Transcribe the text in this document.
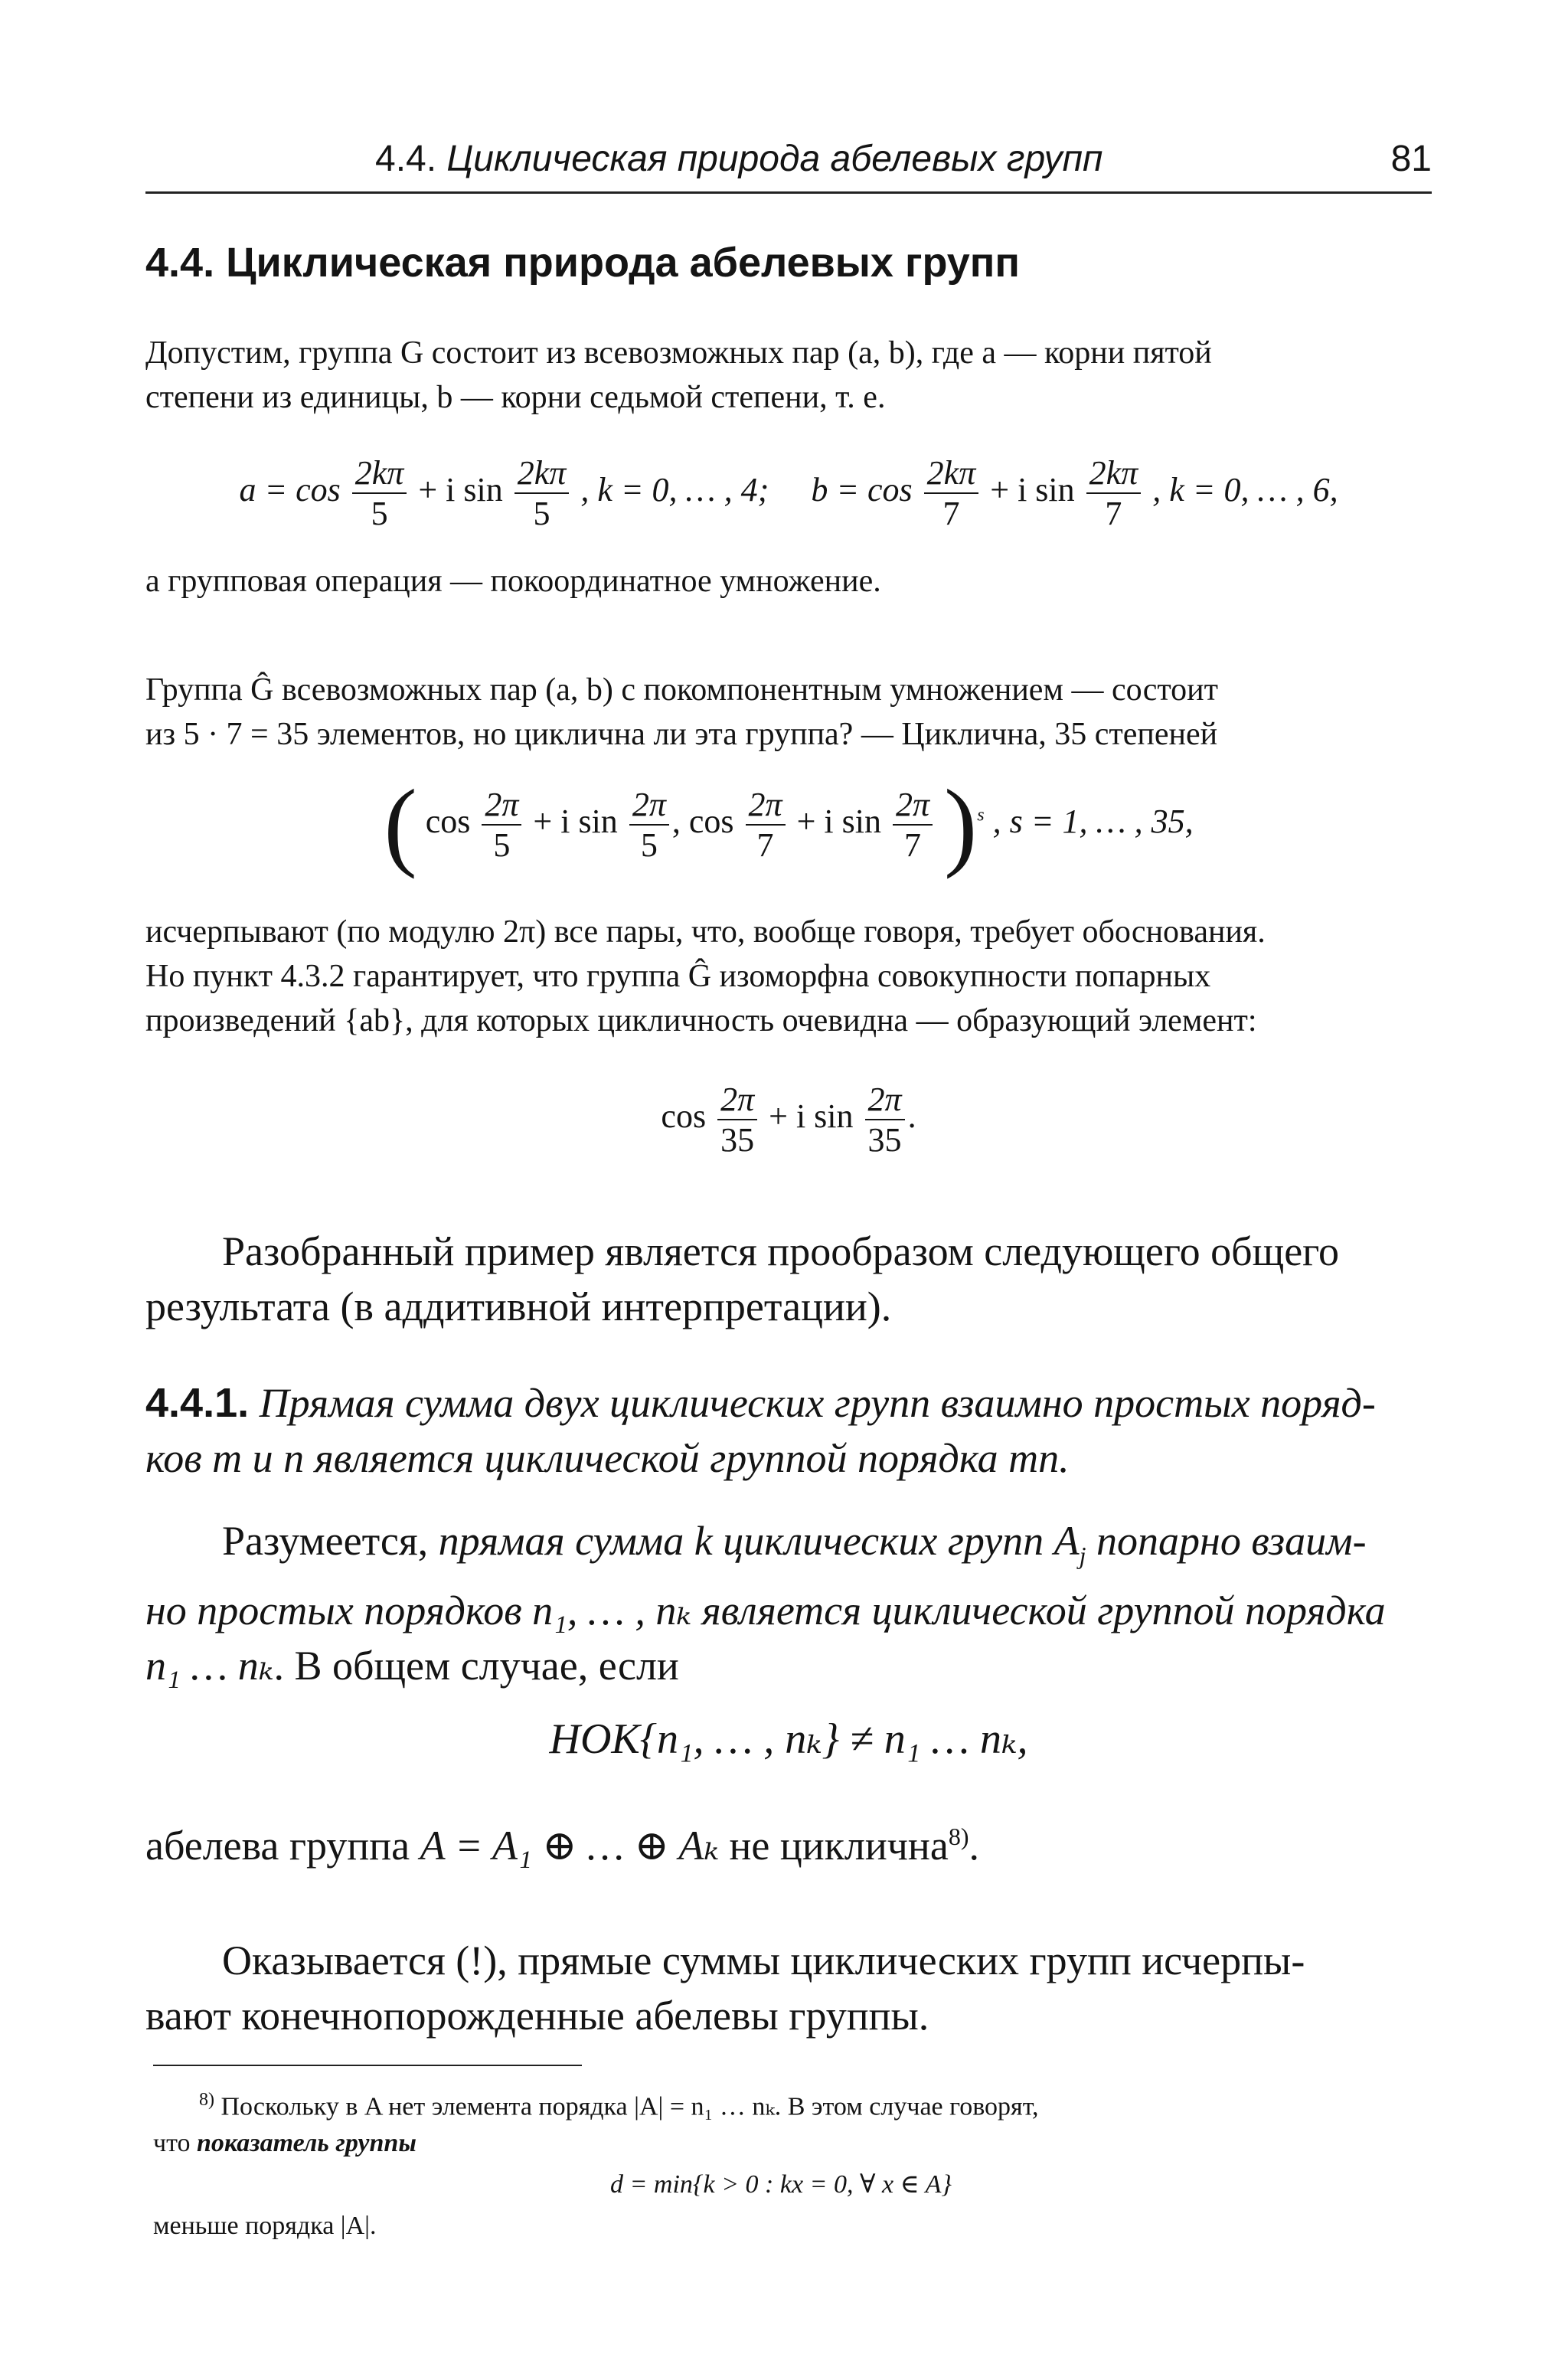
4.4. Циклическая природа абелевых групп	81
4.4. Циклическая природа абелевых групп
Допустим, группа G состоит из всевозможных пар (a, b), где a — корни пятой
степени из единицы, b — корни седьмой степени, т. е.
$a = \cos \frac{2k\pi}{5} + i$ $\sin \frac{2k\pi}{5}$ , k = 0, … , 4; $b = \cos \frac{2k\pi}{7} + i$ $\sin \frac{2k\pi}{7}$ , k = 0, … , 6,
а групповая операция — покоординатное умножение.
Группа Ĝ всевозможных пар (a, b) с покомпонентным умножением — состоит
из 5 · 7 = 35 элементов, но циклична ли эта группа? — Циклична, 35 степеней
( $\cos \frac{2\pi}{5} + i$ $\sin \frac{2\pi}{5}$ , $\cos \frac{2\pi}{7} + i$ $\sin \frac{2\pi}{7} )^s$ , s = 1, … , 35,
исчерпывают (по модулю 2π) все пары, что, вообще говоря, требует обоснования.
Но пункт 4.3.2 гарантирует, что группа Ĝ изоморфна совокупности попарных
произведений {ab}, для которых цикличность очевидна — образующий элемент:
$\cos \frac{2\pi}{35} + i$ $\sin \frac{2\pi}{35}$ .
Разобранный пример является прообразом следующего общего
результата (в аддитивной интерпретации).
4.4.1. Прямая сумма двух циклических групп взаимно простых поряд-
ков m и n является циклической группой порядка mn.
Разумеется, прямая сумма k циклических групп $A_j$ попарно взаим-
но простых порядков n₁, … , nₖ является циклической группой порядка
n₁ … nₖ. В общем случае, если
НОК{n₁, … , nₖ} ≠ n₁ … nₖ,
абелева группа A = A₁ ⊕ … ⊕ Aₖ не циклична$^{8)}$.
Оказывается (!), прямые суммы циклических групп исчерпы-
вают конечнопорожденные абелевы группы.
$^{8)}$ Поскольку в A нет элемента порядка |A| = n₁ … nₖ. В этом случае говорят,
что показатель группы
d = min{k > 0 : kx = 0, ∀ x ∈ A}
меньше порядка |A|.
